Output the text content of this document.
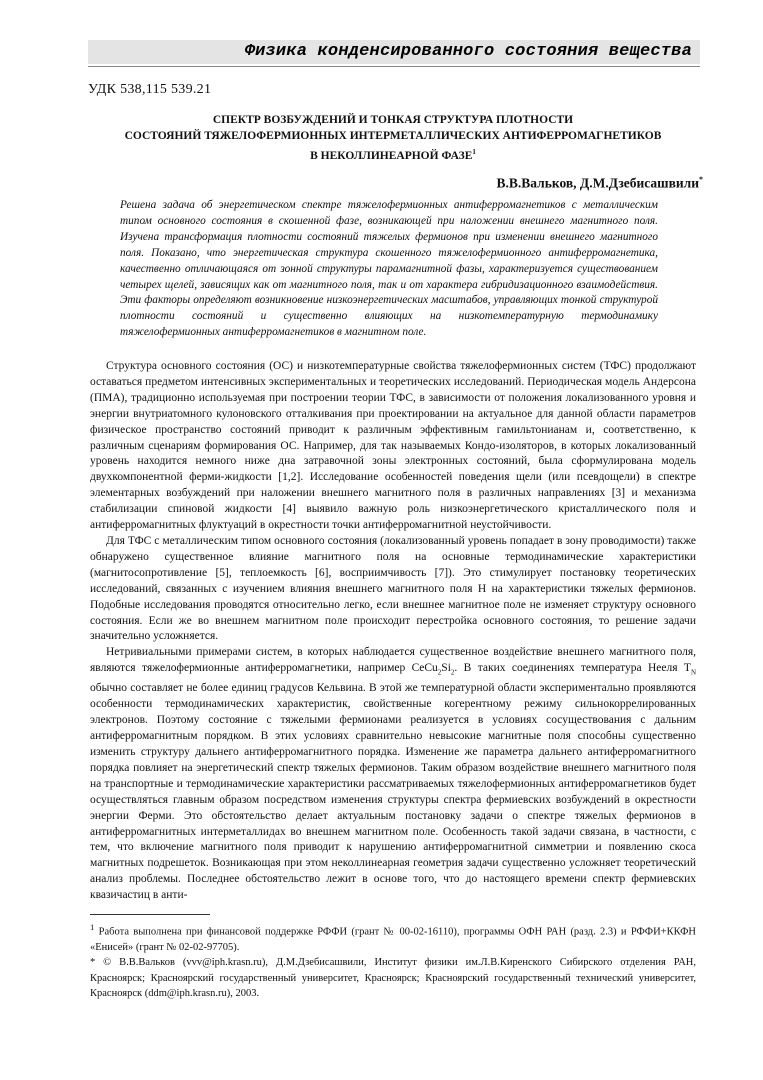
Физика конденсированного состояния вещества
УДК 538,115 539.21
СПЕКТР ВОЗБУЖДЕНИЙ И ТОНКАЯ СТРУКТУРА ПЛОТНОСТИ
СОСТОЯНИЙ ТЯЖЕЛОФЕРМИОННЫХ ИНТЕРМЕТАЛЛИЧЕСКИХ АНТИФЕРРОМАГНЕТИКОВ
В НЕКОЛЛИНЕАРНОЙ ФАЗЕ$^1$
В.В.Вальков, Д.М.Дзебисашвили*
Решена задача об энергетическом спектре тяжелофермионных антиферромагнетиков с металлическим типом основного состояния в скошенной фазе, возникающей при наложении внешнего магнитного поля. Изучена трансформация плотности состояний тяжелых фермионов при изменении внешнего магнитного поля. Показано, что энергетическая структура скошенного тяжелофермионного антиферромагнетика, качественно отличающаяся от зонной структуры парамагнитной фазы, характеризуется существованием четырех щелей, зависящих как от магнитного поля, так и от характера гибридизационного взаимодействия. Эти факторы определяют возникновение низкоэнергетических масштабов, управляющих тонкой структурой плотности состояний и существенно влияющих на низкотемпературную термодинамику тяжелофермионных антиферромагнетиков в магнитном поле.

Структура основного состояния (ОС) и низкотемпературные свойства тяжелофермионных систем (ТФС) продолжают оставаться предметом интенсивных экспериментальных и теоретических исследований. Периодическая модель Андерсона (ПМА), традиционно используемая при построении теории ТФС, в зависимости от положения локализованного уровня и энергии внутриатомного кулоновского отталкивания при проектировании на актуальное для данной области параметров физическое пространство состояний приводит к различным эффективным гамильтонианам и, соответственно, к различным сценариям формирования ОС. Например, для так называемых Кондо-изоляторов, в которых локализованный уровень находится немного ниже дна затравочной зоны электронных состояний, была сформулирована модель двухкомпонентной ферми-жидкости [1,2]. Исследование особенностей поведения щели (или псевдощели) в спектре элементарных возбуждений при наложении внешнего магнитного поля в различных направлениях [3] и механизма стабилизации спиновой жидкости [4] выявило важную роль низкоэнергетического кристаллического поля и антиферромагнитных флуктуаций в окрестности точки антиферромагнитной неустойчивости.

Для ТФС с металлическим типом основного состояния (локализованный уровень попадает в зону проводимости) также обнаружено существенное влияние магнитного поля на основные термодинамические характеристики (магнитосопротивление [5], теплоемкость [6], восприимчивость [7]). Это стимулирует постановку теоретических исследований, связанных с изучением влияния внешнего магнитного поля H на характеристики тяжелых фермионов. Подобные исследования проводятся относительно легко, если внешнее магнитное поле не изменяет структуру основного состояния. Если же во внешнем магнитном поле происходит перестройка основного состояния, то решение задачи значительно усложняется.

Нетривиальными примерами систем, в которых наблюдается существенное воздействие внешнего магнитного поля, являются тяжелофермионные антиферромагнетики, например $CeCu_2Si_2$. В таких соединениях температура Нееля $T_N$ обычно составляет не более единиц градусов Кельвина. В этой же температурной области экспериментально проявляются особенности термодинамических характеристик, свойственные когерентному режиму сильнокоррелированных электронов. Поэтому состояние с тяжелыми фермионами реализуется в условиях сосуществования с дальним антиферромагнитным порядком. В этих условиях сравнительно невысокие магнитные поля способны существенно изменить структуру дальнего антиферромагнитного порядка. Изменение же параметра дальнего антиферромагнитного порядка повлияет на энергетический спектр тяжелых фермионов. Таким образом воздействие внешнего магнитного поля на транспортные и термодинамические характеристики рассматриваемых тяжелофермионных антиферромагнетиков будет осуществляться главным образом посредством изменения структуры спектра фермиевских возбуждений в окрестности энергии Ферми. Это обстоятельство делает актуальным постановку задачи о спектре тяжелых фермионов в антиферромагнитных интерметаллидах во внешнем магнитном поле. Особенность такой задачи связана, в частности, с тем, что включение магнитного поля приводит к нарушению антиферромагнитной симметрии и появлению скоса магнитных подрешеток. Возникающая при этом неколлинеарная геометрия задачи существенно усложняет теоретический анализ проблемы. Последнее обстоятельство лежит в основе того, что до настоящего времени спектр фермиевских квазичастиц в анти-

$^1$ Работа выполнена при финансовой поддержке РФФИ (грант № 00-02-16110), программы ОФН РАН (разд. 2.3) и РФФИ+ККФН «Енисей» (грант № 02-02-97705).

* © В.В.Вальков (vvv@iph.krasn.ru), Д.М.Дзебисашвили, Институт физики им.Л.В.Киренского Сибирского отделения РАН, Красноярск; Красноярский государственный университет, Красноярск; Красноярский государственный технический университет, Красноярск (ddm@iph.krasn.ru), 2003.
